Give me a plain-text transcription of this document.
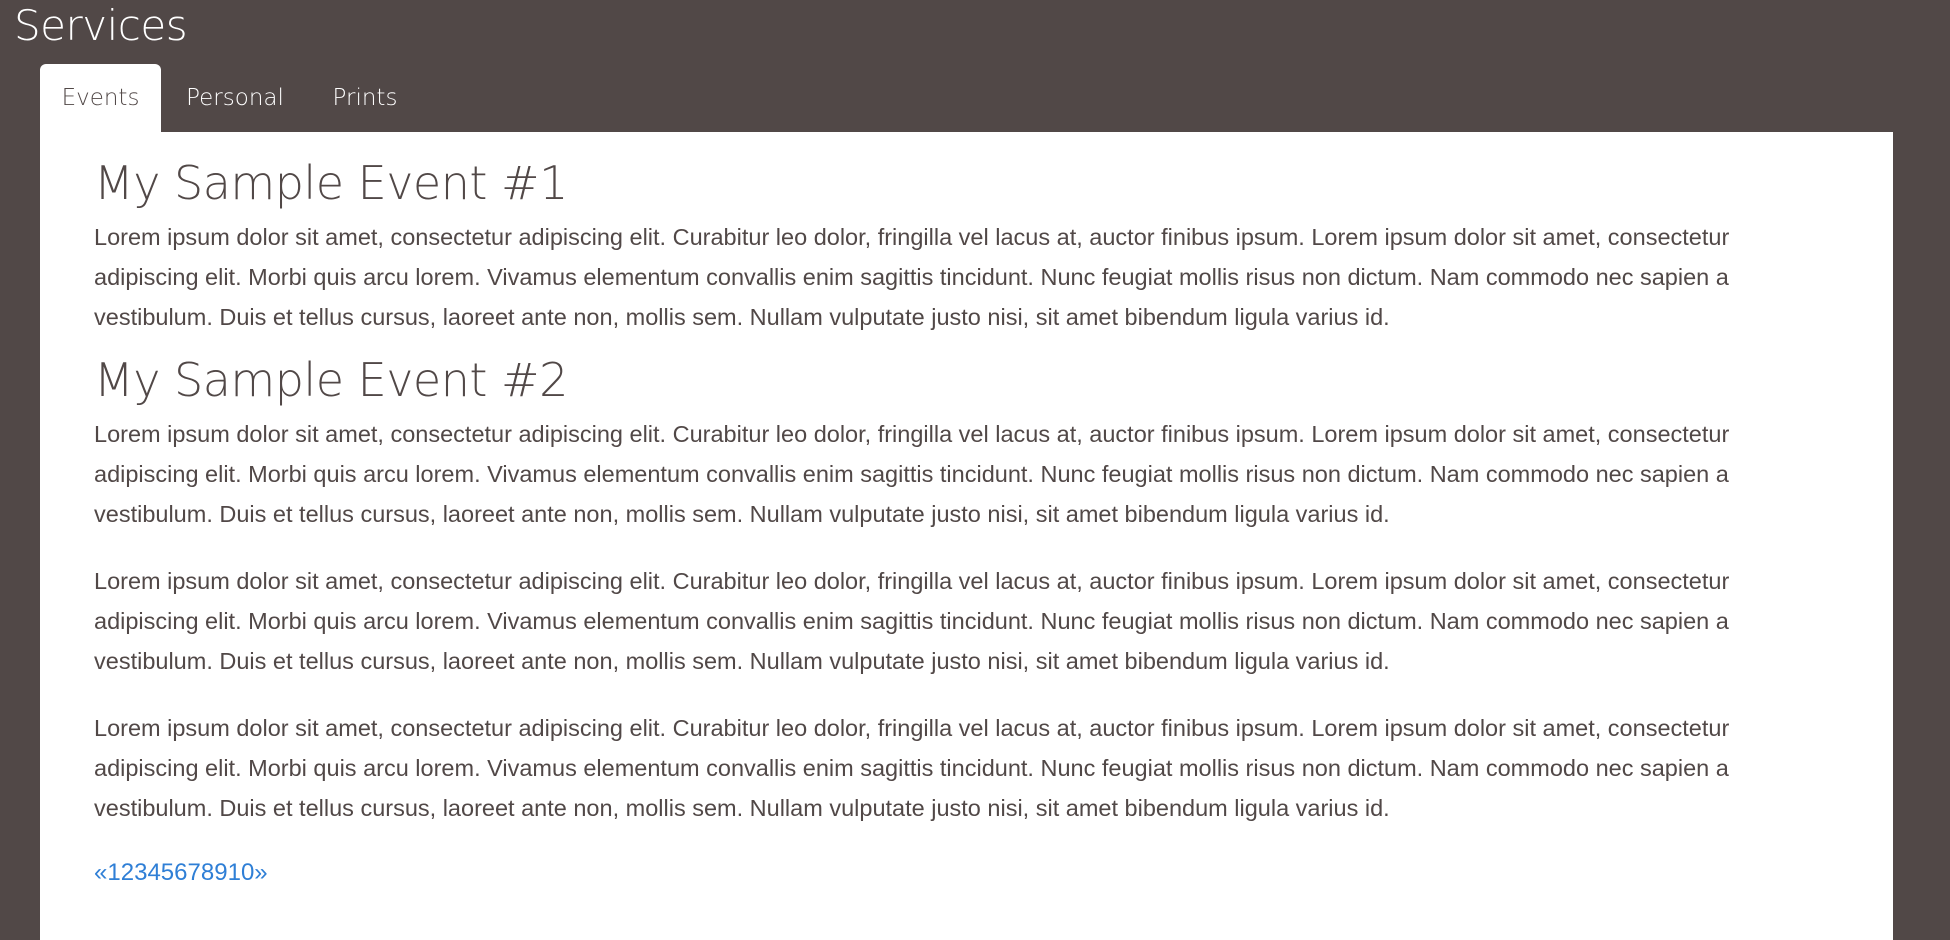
Services
Events	Personal	Prints
My Sample Event #1

Lorem ipsum dolor sit amet, consectetur adipiscing elit. Curabitur leo dolor, fringilla vel lacus at, auctor finibus ipsum. Lorem ipsum dolor sit amet, consectetur
adipiscing elit. Morbi quis arcu lorem. Vivamus elementum convallis enim sagittis tincidunt. Nunc feugiat mollis risus non dictum. Nam commodo nec sapien a
vestibulum. Duis et tellus cursus, laoreet ante non, mollis sem. Nullam vulputate justo nisi, sit amet bibendum ligula varius id.

My Sample Event #2

Lorem ipsum dolor sit amet, consectetur adipiscing elit. Curabitur leo dolor, fringilla vel lacus at, auctor finibus ipsum. Lorem ipsum dolor sit amet, consectetur
adipiscing elit. Morbi quis arcu lorem. Vivamus elementum convallis enim sagittis tincidunt. Nunc feugiat mollis risus non dictum. Nam commodo nec sapien a
vestibulum. Duis et tellus cursus, laoreet ante non, mollis sem. Nullam vulputate justo nisi, sit amet bibendum ligula varius id.

Lorem ipsum dolor sit amet, consectetur adipiscing elit. Curabitur leo dolor, fringilla vel lacus at, auctor finibus ipsum. Lorem ipsum dolor sit amet, consectetur
adipiscing elit. Morbi quis arcu lorem. Vivamus elementum convallis enim sagittis tincidunt. Nunc feugiat mollis risus non dictum. Nam commodo nec sapien a
vestibulum. Duis et tellus cursus, laoreet ante non, mollis sem. Nullam vulputate justo nisi, sit amet bibendum ligula varius id.

Lorem ipsum dolor sit amet, consectetur adipiscing elit. Curabitur leo dolor, fringilla vel lacus at, auctor finibus ipsum. Lorem ipsum dolor sit amet, consectetur
adipiscing elit. Morbi quis arcu lorem. Vivamus elementum convallis enim sagittis tincidunt. Nunc feugiat mollis risus non dictum. Nam commodo nec sapien a
vestibulum. Duis et tellus cursus, laoreet ante non, mollis sem. Nullam vulputate justo nisi, sit amet bibendum ligula varius id.

« 1 2 3 4 5 6 7 8 9 10 »
